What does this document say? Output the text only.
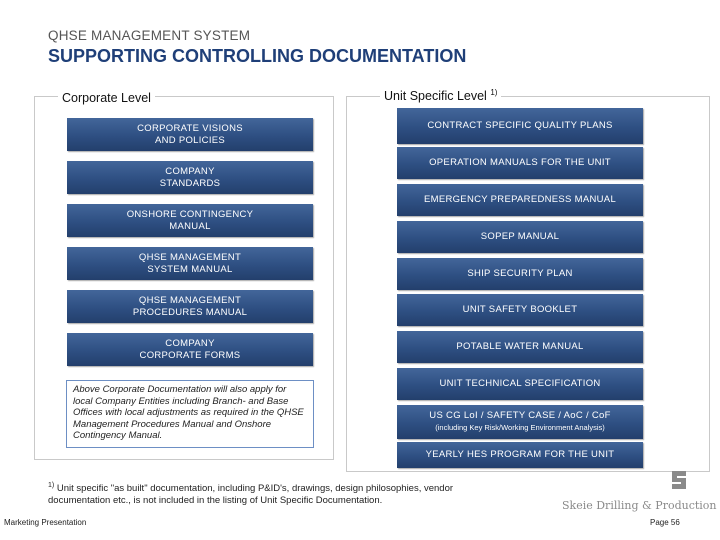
QHSE MANAGEMENT SYSTEM
SUPPORTING CONTROLLING DOCUMENTATION
Corporate Level
CORPORATE VISIONS
AND POLICIES
COMPANY
STANDARDS
ONSHORE CONTINGENCY
MANUAL
QHSE MANAGEMENT
SYSTEM MANUAL
QHSE MANAGEMENT
PROCEDURES MANUAL
COMPANY
CORPORATE FORMS
Above Corporate Documentation will also apply for local Company Entities including Branch- and Base Offices with local adjustments as required in the QHSE Management Procedures Manual and Onshore Contingency Manual.
Unit Specific Level $^{1)}$
CONTRACT SPECIFIC QUALITY PLANS
OPERATION MANUALS FOR THE UNIT
EMERGENCY PREPAREDNESS MANUAL
SOPEP MANUAL
SHIP SECURITY PLAN
UNIT SAFETY BOOKLET
POTABLE WATER MANUAL
UNIT TECHNICAL SPECIFICATION
US CG LoI / SAFETY CASE / AoC / CoF
(including Key Risk/Working Environment Analysis)
YEARLY HES PROGRAM FOR THE UNIT
$^{1)}$ Unit specific "as built" documentation, including P&ID's, drawings, design philosophies, vendor documentation etc., is not included in the listing of Unit Specific Documentation.	Skeie Drilling & Production
Marketing Presentation	Page 56
